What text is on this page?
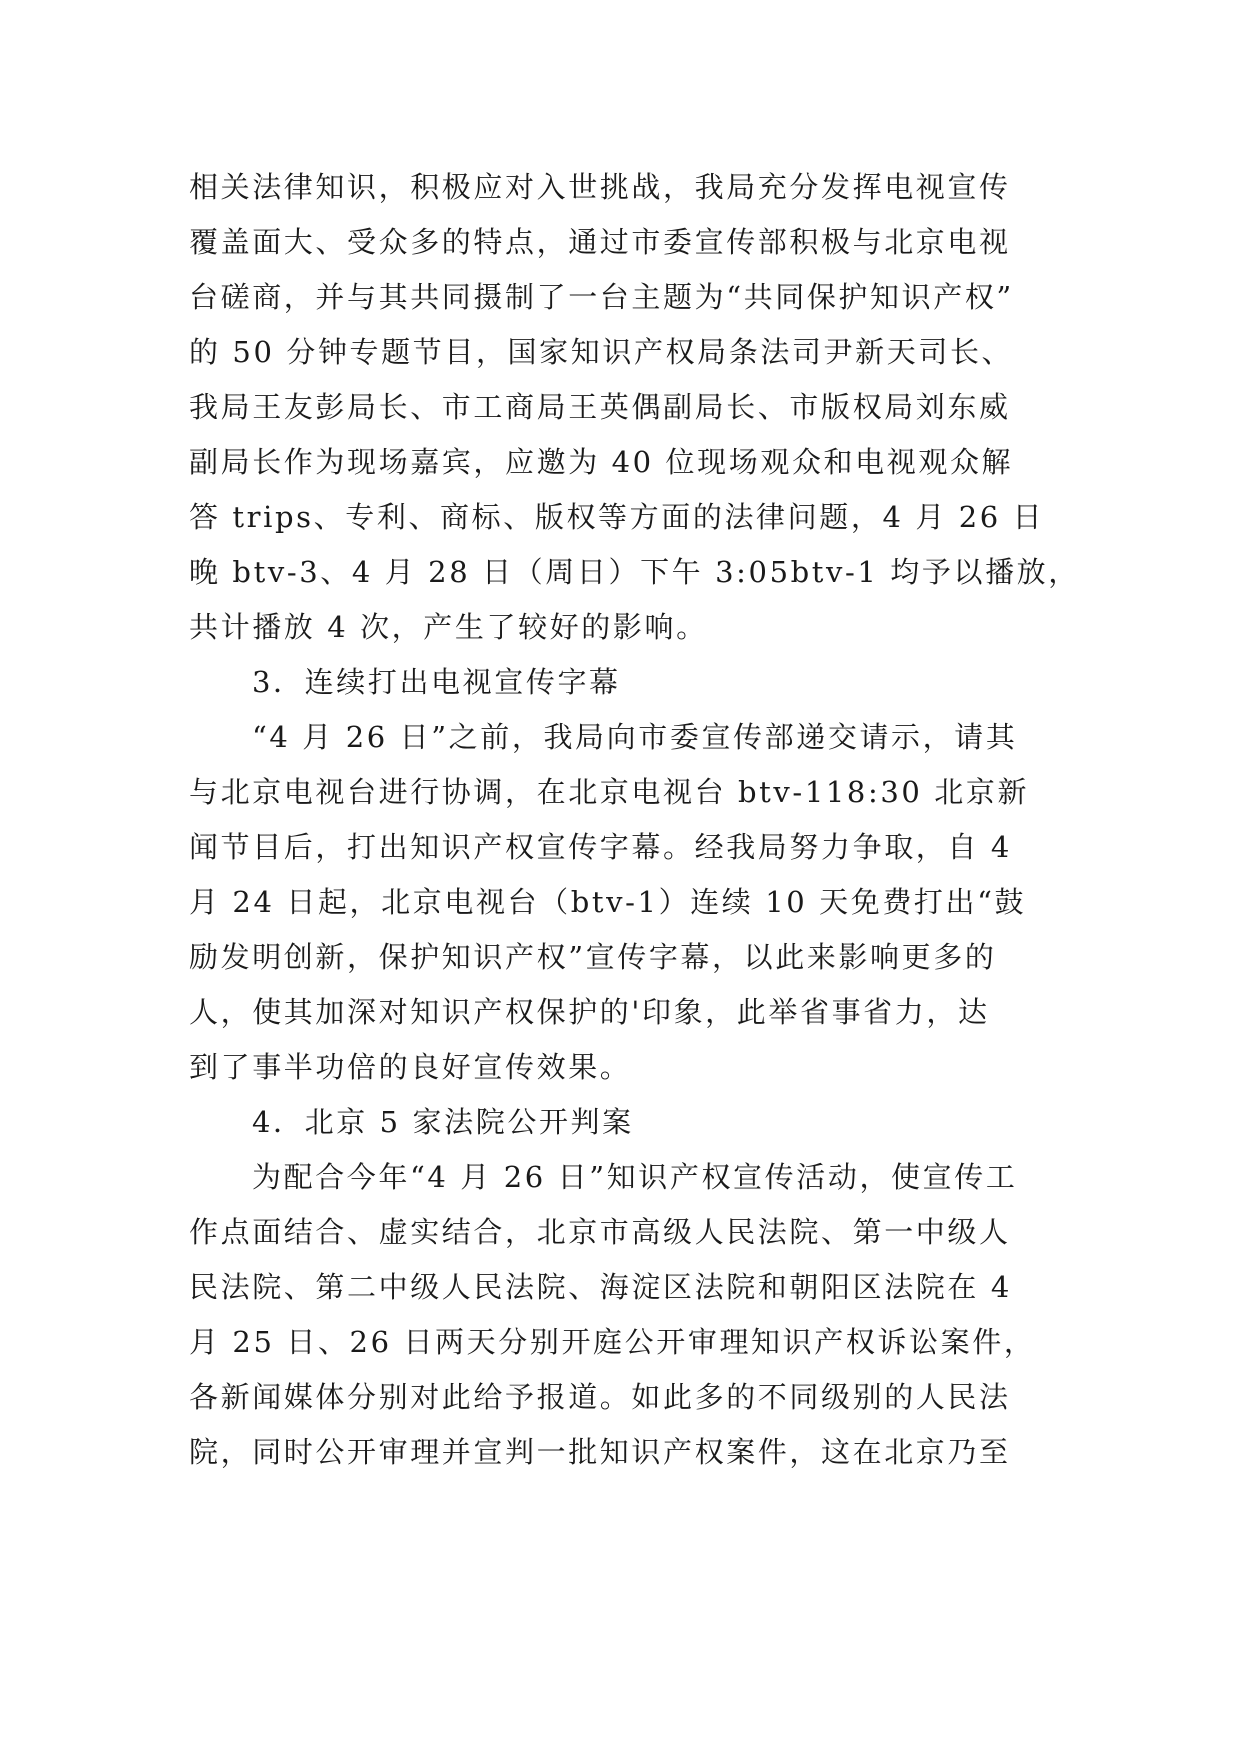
相关法律知识，积极应对入世挑战，我局充分发挥电视宣传
覆盖面大、受众多的特点，通过市委宣传部积极与北京电视
台磋商，并与其共同摄制了一台主题为“共同保护知识产权”
的 50 分钟专题节目，国家知识产权局条法司尹新天司长、
我局王友彭局长、市工商局王英偶副局长、市版权局刘东威
副局长作为现场嘉宾，应邀为 40 位现场观众和电视观众解
答 trips、专利、商标、版权等方面的法律问题，4 月 26 日
晚 btv-3、4 月 28 日（周日）下午 3:05btv-1 均予以播放，
共计播放 4 次，产生了较好的影响。
3．连续打出电视宣传字幕
“4 月 26 日”之前，我局向市委宣传部递交请示，请其
与北京电视台进行协调，在北京电视台 btv-118:30 北京新
闻节目后，打出知识产权宣传字幕。经我局努力争取，自 4
月 24 日起，北京电视台（btv-1）连续 10 天免费打出“鼓
励发明创新，保护知识产权”宣传字幕，以此来影响更多的
人，使其加深对知识产权保护的'印象，此举省事省力，达
到了事半功倍的良好宣传效果。
4．北京 5 家法院公开判案
为配合今年“4 月 26 日”知识产权宣传活动，使宣传工
作点面结合、虚实结合，北京市高级人民法院、第一中级人
民法院、第二中级人民法院、海淀区法院和朝阳区法院在 4
月 25 日、26 日两天分别开庭公开审理知识产权诉讼案件，
各新闻媒体分别对此给予报道。如此多的不同级别的人民法
院，同时公开审理并宣判一批知识产权案件，这在北京乃至
